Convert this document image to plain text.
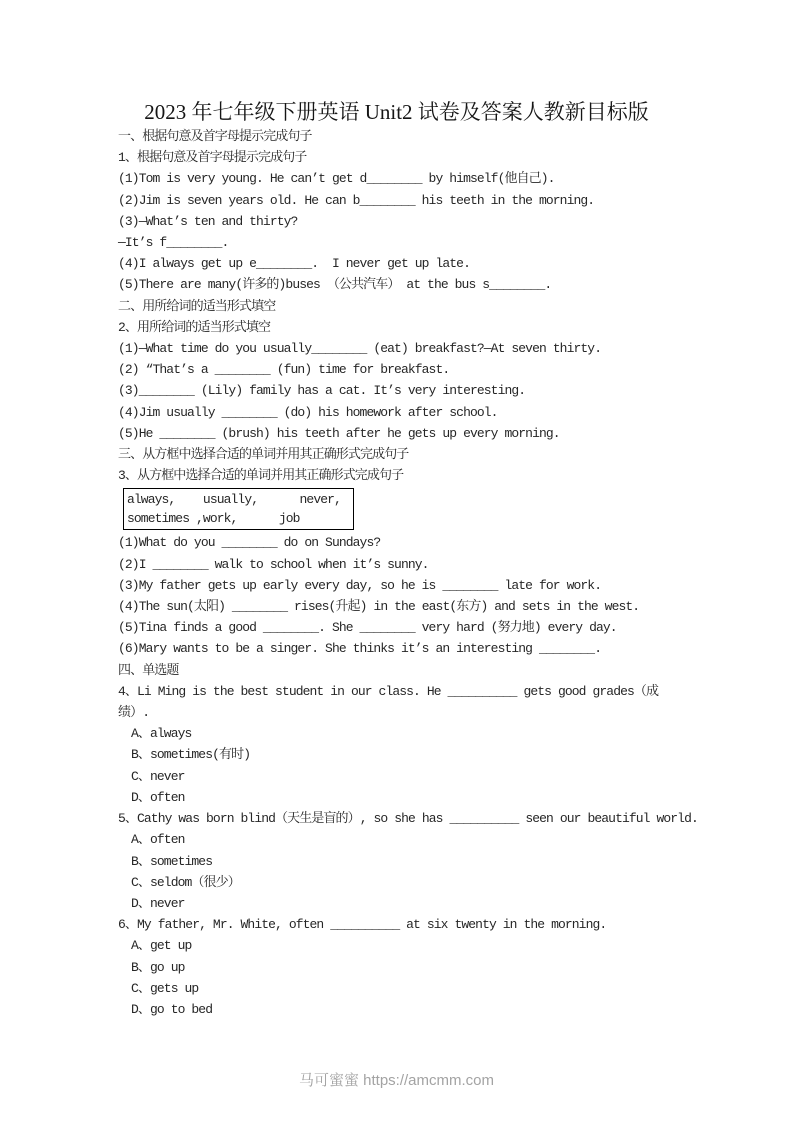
2023 年七年级下册英语 Unit2 试卷及答案人教新目标版
一、根据句意及首字母提示完成句子
1、根据句意及首字母提示完成句子
(1)Tom is very young. He can’t get d________ by himself(他自己).
(2)Jim is seven years old. He can b________ his teeth in the morning.
(3)—What’s ten and thirty?
—It’s f________.
(4)I always get up e________.  I never get up late.
(5)There are many(许多的)buses （公共汽车） at the bus s________.
二、用所给词的适当形式填空
2、用所给词的适当形式填空
(1)—What time do you usually________ (eat) breakfast?—At seven thirty.
(2) “That’s a ________ (fun) time for breakfast.
(3)________ (Lily) family has a cat. It’s very interesting.
(4)Jim usually ________ (do) his homework after school.
(5)He ________ (brush) his teeth after he gets up every morning.
三、从方框中选择合适的单词并用其正确形式完成句子
3、从方框中选择合适的单词并用其正确形式完成句子
always,    usually,      never,
sometimes ,work,      job
(1)What do you ________ do on Sundays?
(2)I ________ walk to school when it’s sunny.
(3)My father gets up early every day, so he is ________ late for work.
(4)The sun(太阳) ________ rises(升起) in the east(东方) and sets in the west.
(5)Tina finds a good ________. She ________ very hard (努力地) every day.
(6)Mary wants to be a singer. She thinks it’s an interesting ________.
四、单选题
4、Li Ming is the best student in our class. He __________ gets good grades（成绩）.
A、always
B、sometimes(有时)
C、never
D、often
5、Cathy was born blind（天生是盲的）, so she has __________ seen our beautiful world.
A、often
B、sometimes
C、seldom（很少）
D、never
6、My father, Mr. White, often __________ at six twenty in the morning.
A、get up
B、go up
C、gets up
D、go to bed
马可蜜蜜 https://amcmm.com
